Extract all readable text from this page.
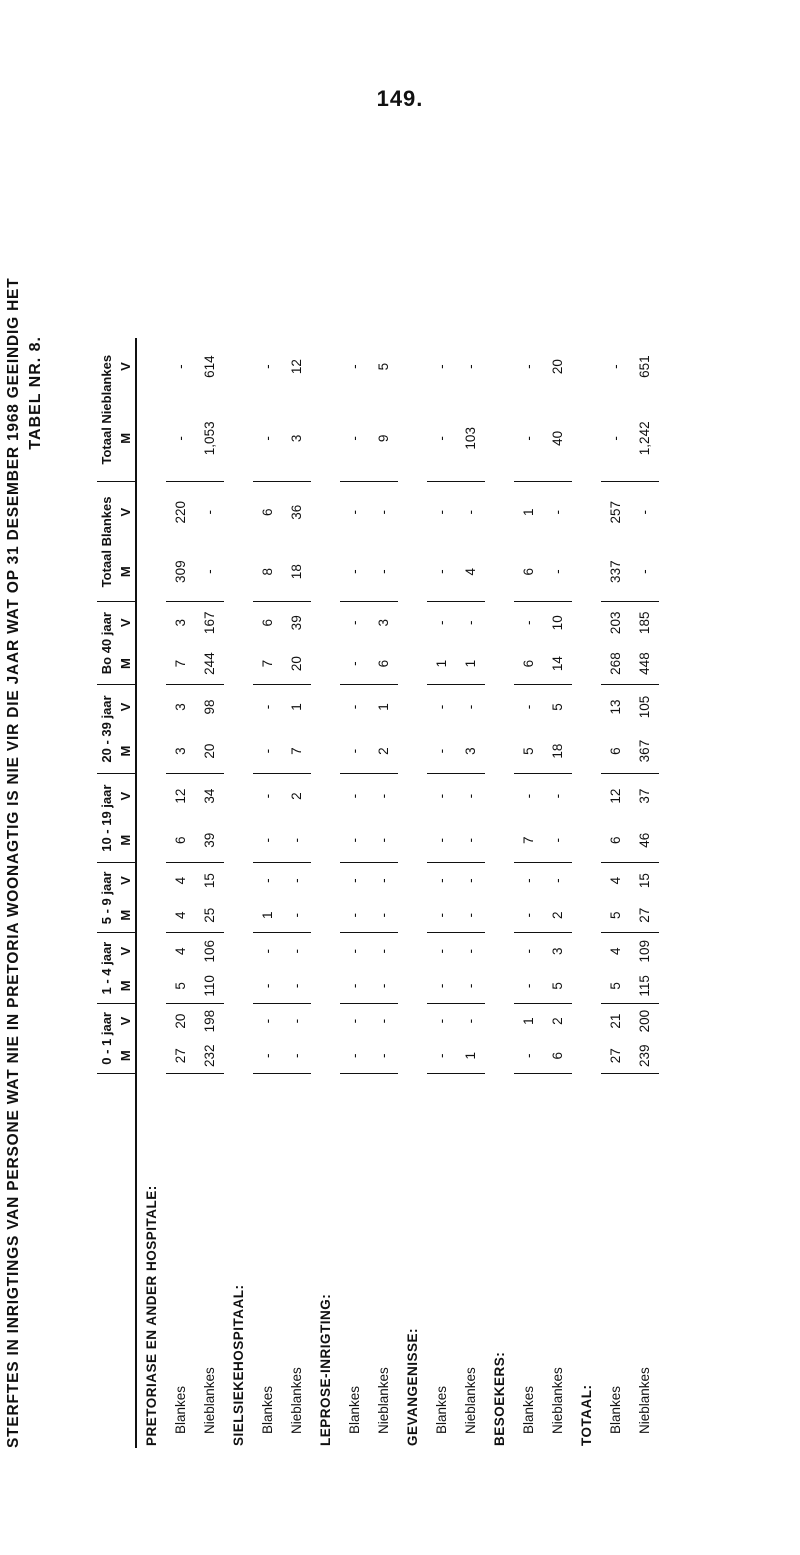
149.
STERFTES IN INRIGTINGS VAN PERSONE WAT NIE IN PRETORIA WOONAGTIG IS NIE VIR DIE JAAR WAT OP 31 DESEMBER 1968 GEEINDIG HET TABEL NR. 8.
	0 - 1 jaar		1 - 4 jaar		5 - 9 jaar		10 - 19 jaar		20 - 39 jaar		Bo 40 jaar		Totaal Blankes		Totaal Nieblankes	
	M	V	M	V	M	V	M	V	M	V	M	V	M	V	M	V
PRETORIASE EN ANDER HOSPITALE:																
Blankes	27	20	5	4	4	4	6	12	3	3	7	3	309	220	-	-
Nieblankes	232	198	110	106	25	15	39	34	20	98	244	167	-	-	1,053	614
SIELSIEKEHOSPITAAL:																
Blankes	-	-	-	-	1	-	-	-	-	-	7	6	8	6	-	-
Nieblankes	-	-	-	-	-	-	-	2	7	1	20	39	18	36	3	12
LEPROSE-INRIGTING:																
Blankes	-	-	-	-	-	-	-	-	-	-	-	-	-	-	-	-
Nieblankes	-	-	-	-	-	-	-	-	2	1	6	3	-	-	9	5
GEVANGENISSE:																
Blankes	-	-	-	-	-	-	-	-	-	-	1	-	-	-	-	-
Nieblankes	1	-	-	-	-	-	-	-	3	-	1	-	4	-	103	-
BESOEKERS:																
Blankes	-	1	-	-	-	-	7	-	5	-	6	-	6	1	-	-
Nieblankes	6	2	5	3	2	-	-	-	18	5	14	10	-	-	40	20
TOTAAL:																
Blankes	27	21	5	4	5	4	6	12	6	13	268	203	337	257	-	-
Nieblankes	239	200	115	109	27	15	46	37	367	105	448	185	-	-	1,242	651
